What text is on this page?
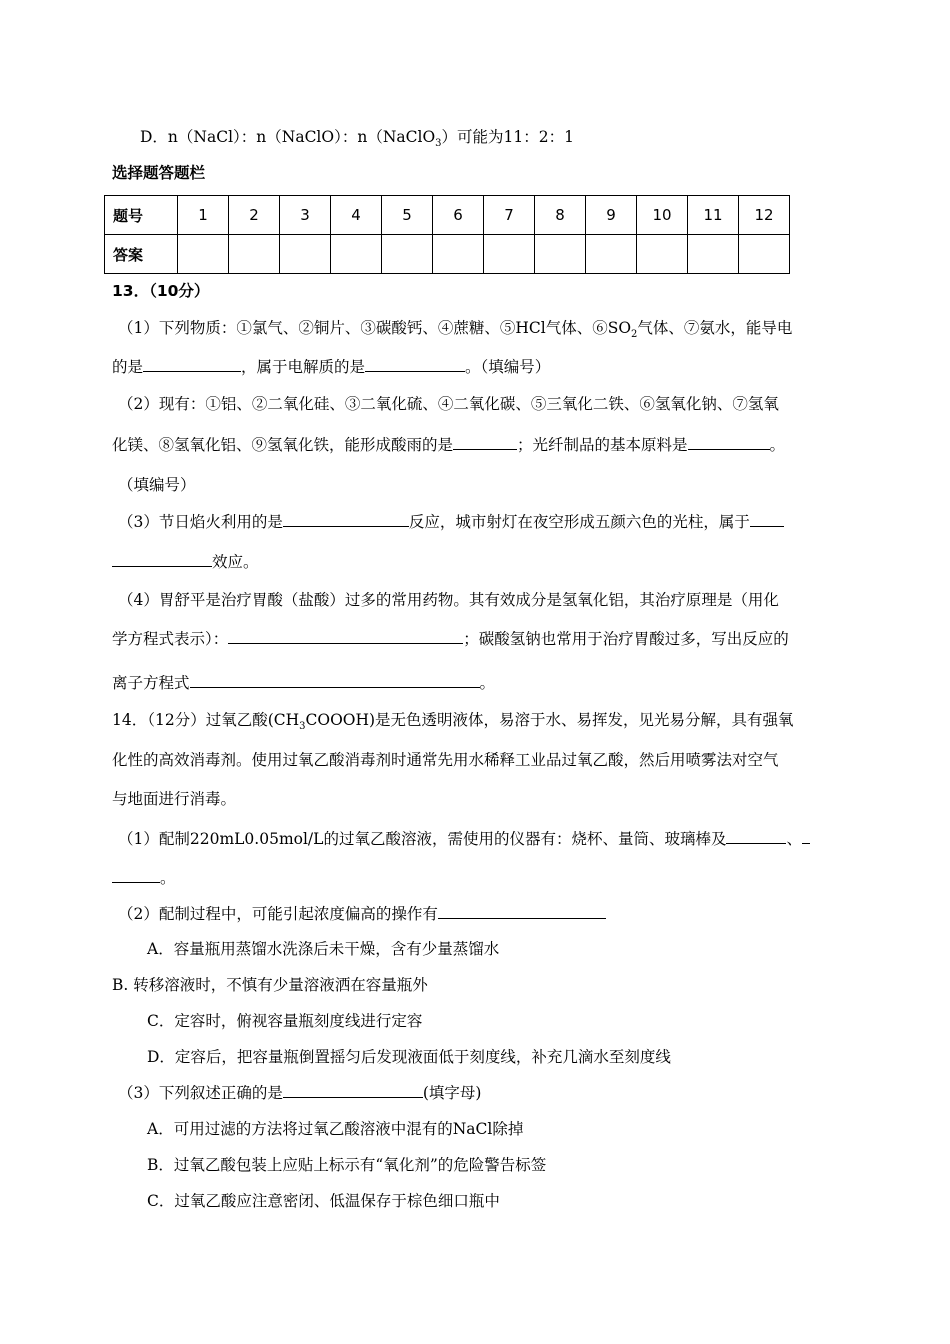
D．n（NaCl）：n（NaClO）：n（NaClO$_3$）可能为11：2：1
选择题答题栏
题号	1	2	3	4	5	6	7	8	9	10	11	12
答案												
13．（10分）
（1）下列物质：①氯气、②铜片、③碳酸钙、④蔗糖、⑤HCl气体、$⑥SO_2$气体、⑦氨水，能导电
的是	，属于电解质的是	。（填编号）
（2）现有：①铝、②二氧化硅、③二氧化硫、④二氧化碳、⑤三氧化二铁、⑥氢氧化钠、⑦氢氧
化镁、⑧氢氧化铝、⑨氢氧化铁，能形成酸雨的是	；光纤制品的基本原料是	。
（填编号）
（3）节日焰火利用的是	反应，城市射灯在夜空形成五颜六色的光柱，属于
效应。
（4）胃舒平是治疗胃酸（盐酸）过多的常用药物。其有效成分是氢氧化铝，其治疗原理是（用化
学方程式表示）：	；碳酸氢钠也常用于治疗胃酸过多，写出反应的
离子方程式	。
14．（12分）过氧乙酸$(CH_3COOOH)$是无色透明液体，易溶于水、易挥发，见光易分解，具有强氧
化性的高效消毒剂。使用过氧乙酸消毒剂时通常先用水稀释工业品过氧乙酸，然后用喷雾法对空气
与地面进行消毒。
（1）配制220mL0.05mol/L的过氧乙酸溶液，需使用的仪器有：烧杯、量筒、玻璃棒及	、
。
（2）配制过程中，可能引起浓度偏高的操作有
A．容量瓶用蒸馏水洗涤后未干燥，含有少量蒸馏水
B. 转移溶液时，不慎有少量溶液洒在容量瓶外
C．定容时，俯视容量瓶刻度线进行定容
D．定容后，把容量瓶倒置摇匀后发现液面低于刻度线，补充几滴水至刻度线
（3）下列叙述正确的是	(填字母)
A．可用过滤的方法将过氧乙酸溶液中混有的NaCl除掉
B．过氧乙酸包装上应贴上标示有“氧化剂”的危险警告标签
C．过氧乙酸应注意密闭、低温保存于棕色细口瓶中
